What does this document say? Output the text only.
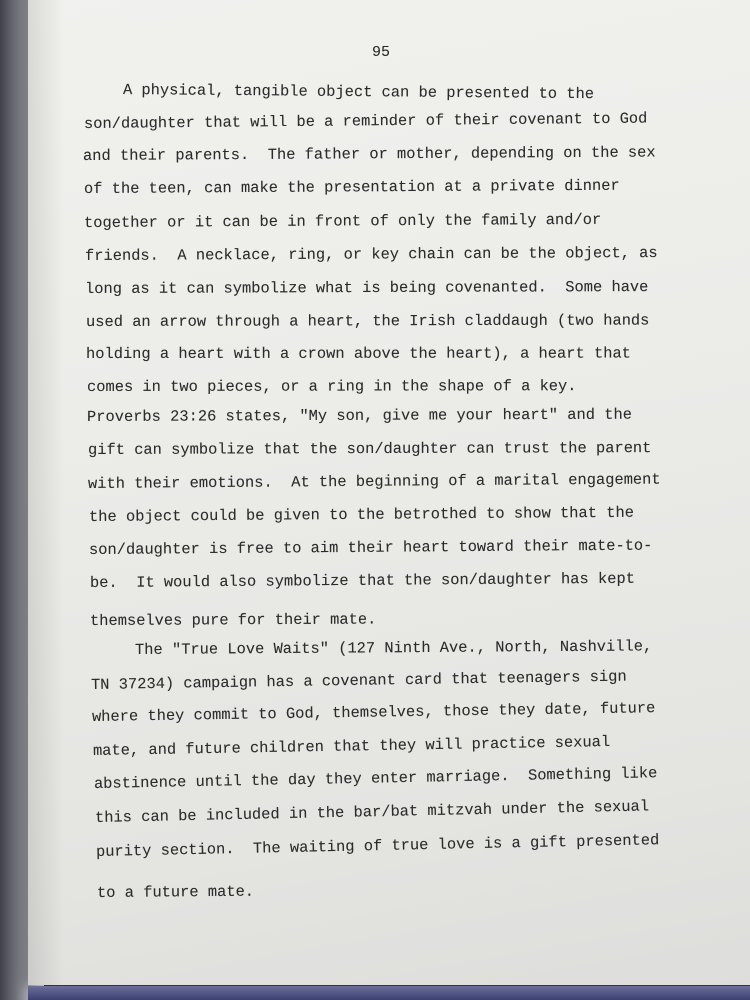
95
A physical, tangible object can be presented to the
son/daughter that will be a reminder of their covenant to God
and their parents.  The father or mother, depending on the sex
of the teen, can make the presentation at a private dinner
together or it can be in front of only the family and/or
friends.  A necklace, ring, or key chain can be the object, as
long as it can symbolize what is being covenanted.  Some have
used an arrow through a heart, the Irish claddaugh (two hands
holding a heart with a crown above the heart), a heart that
comes in two pieces, or a ring in the shape of a key.
Proverbs 23:26 states, "My son, give me your heart" and the
gift can symbolize that the son/daughter can trust the parent
with their emotions.  At the beginning of a marital engagement
the object could be given to the betrothed to show that the
son/daughter is free to aim their heart toward their mate-to-
be.  It would also symbolize that the son/daughter has kept
themselves pure for their mate.
The "True Love Waits" (127 Ninth Ave., North, Nashville,
TN 37234) campaign has a covenant card that teenagers sign
where they commit to God, themselves, those they date, future
mate, and future children that they will practice sexual
abstinence until the day they enter marriage.  Something like
this can be included in the bar/bat mitzvah under the sexual
purity section.  The waiting of true love is a gift presented
to a future mate.
